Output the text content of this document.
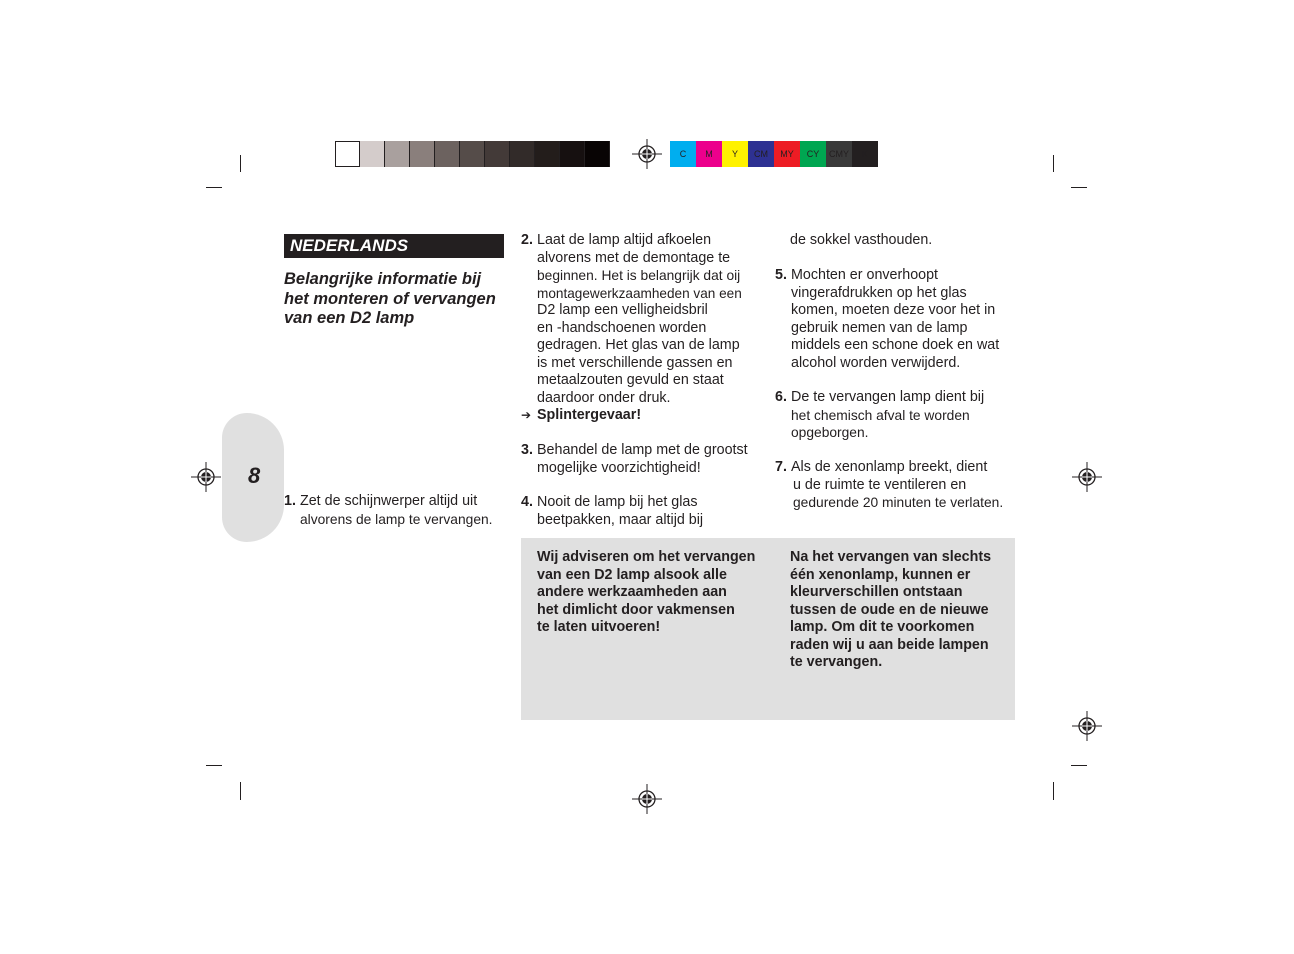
C	M	Y	CM	MY	CY	CMY	K
8
NEDERLANDS
Belangrijke informatie bij het monteren of vervangen van een D2 lamp
1. Zet de schijnwerper altijd uit
alvorens de lamp te vervangen.
2. Laat de lamp altijd afkoelen
alvorens met de demontage te
beginnen. Het is belangrijk dat oij
montagewerkzaamheden van een
D2 lamp een velligheidsbril
en -handschoenen worden
gedragen. Het glas van de lamp
is met verschillende gassen en
metaalzouten gevuld en staat
daardoor onder druk.
➔ Splintergevaar!
3. Behandel de lamp met de grootst
mogelijke voorzichtigheid!
4. Nooit de lamp bij het glas
beetpakken, maar altijd bij
de sokkel vasthouden.
5. Mochten er onverhoopt
vingerafdrukken op het glas
komen, moeten deze voor het in
gebruik nemen van de lamp
middels een schone doek en wat
alcohol worden verwijderd.
6. De te vervangen lamp dient bij
het chemisch afval te worden
opgeborgen.
7. Als de xenonlamp breekt, dient
u de ruimte te ventileren en
gedurende 20 minuten te verlaten.
Wij adviseren om het vervangen
van een D2 lamp alsook alle
andere werkzaamheden aan
het dimlicht door vakmensen
te laten uitvoeren!
Na het vervangen van slechts
één xenonlamp, kunnen er
kleurverschillen ontstaan
tussen de oude en de nieuwe
lamp. Om dit te voorkomen
raden wij u aan beide lampen
te vervangen.
